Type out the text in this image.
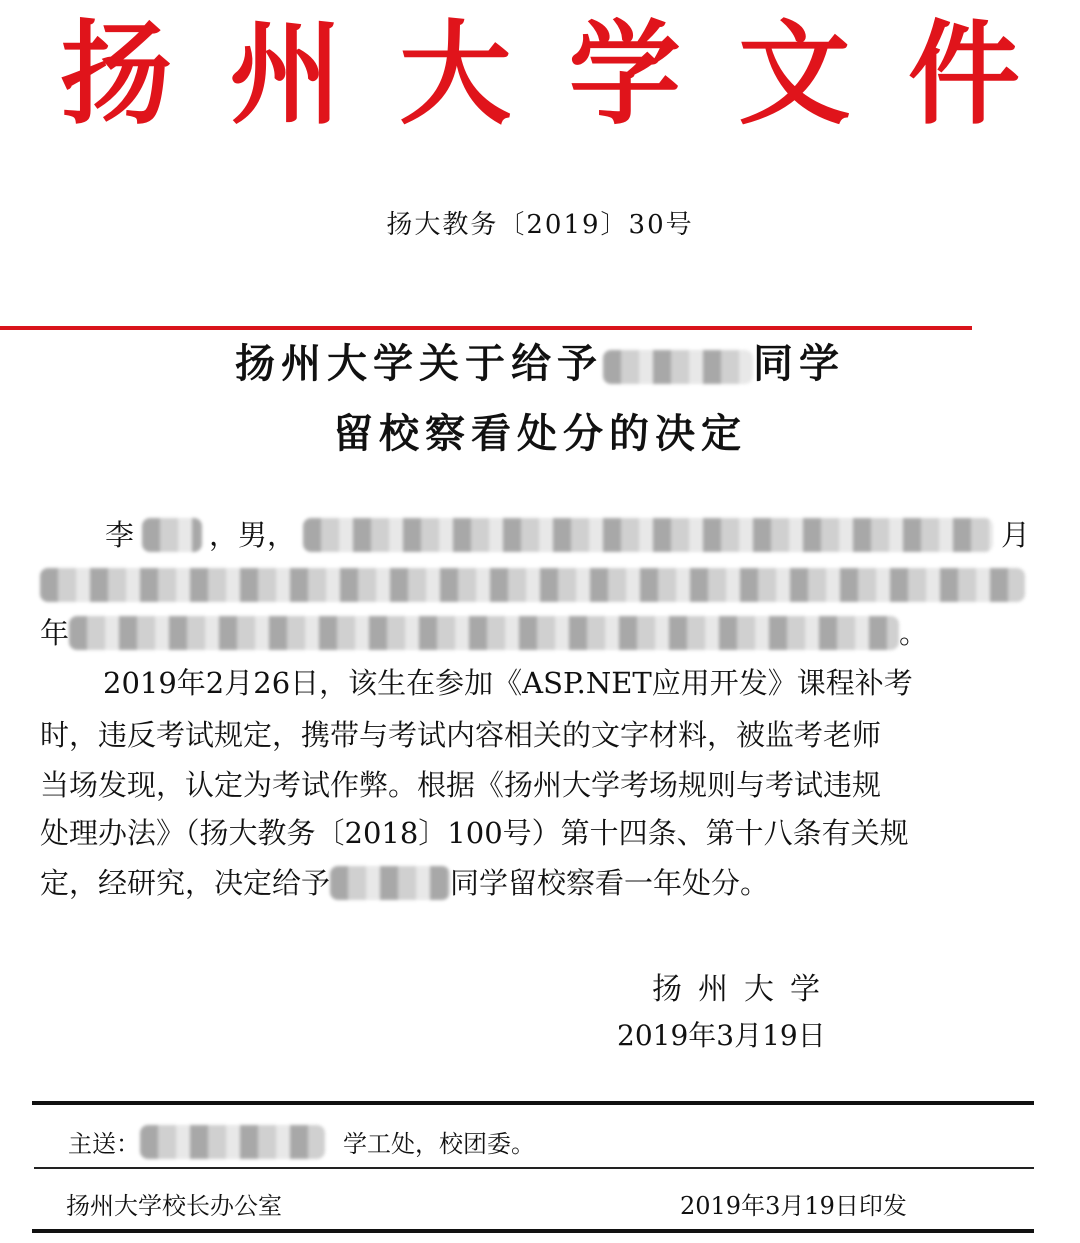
扬 州 大 学 文 件
扬大教务〔2019〕30号
扬州大学关于给予	同学
留校察看处分的决定
李	，男，	月
年	。
2019年2月26日，该生在参加《ASP.NET应用开发》课程补考
时，违反考试规定，携带与考试内容相关的文字材料，被监考老师
当场发现，认定为考试作弊。根据《扬州大学考场规则与考试违规
处理办法》（扬大教务〔2018〕100号）第十四条、第十八条有关规
定，经研究，决定给予	同学留校察看一年处分。
扬州大学
2019年3月19日
主送：	学工处，校团委。
扬州大学校长办公室	2019年3月19日印发
